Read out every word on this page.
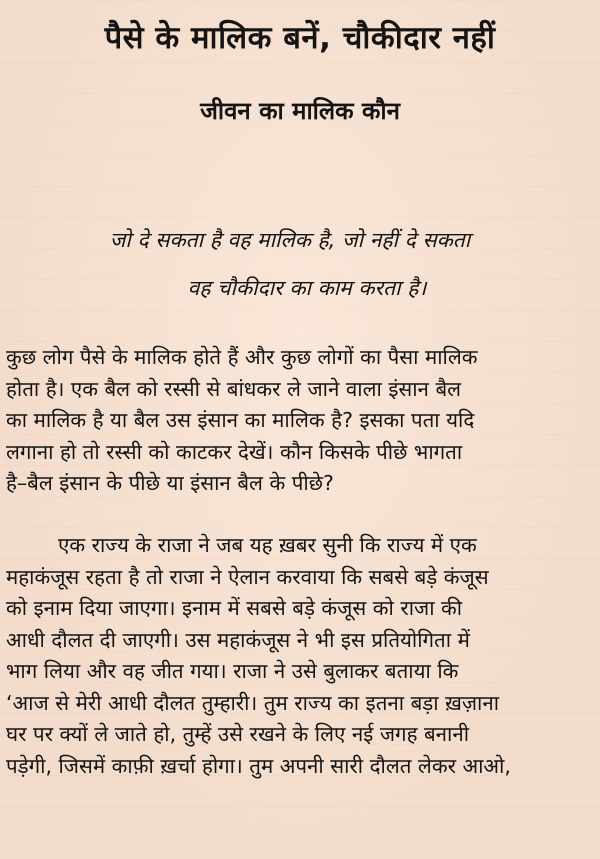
पैसे के मालिक बनें, चौकीदार नहीं
जीवन का मालिक कौन
जो दे सकता है वह मालिक है, जो नहीं दे सकता
वह चौकीदार का काम करता है।
कुछ लोग पैसे के मालिक होते हैं और कुछ लोगों का पैसा मालिक
होता है। एक बैल को रस्सी से बांधकर ले जाने वाला इंसान बैल
का मालिक है या बैल उस इंसान का मालिक है? इसका पता यदि
लगाना हो तो रस्सी को काटकर देखें। कौन किसके पीछे भागता
है–बैल इंसान के पीछे या इंसान बैल के पीछे?
एक राज्य के राजा ने जब यह ख़बर सुनी कि राज्य में एक
महाकंजूस रहता है तो राजा ने ऐलान करवाया कि सबसे बड़े कंजूस
को इनाम दिया जाएगा। इनाम में सबसे बड़े कंजूस को राजा की
आधी दौलत दी जाएगी। उस महाकंजूस ने भी इस प्रतियोगिता में
भाग लिया और वह जीत गया। राजा ने उसे बुलाकर बताया कि
‘आज से मेरी आधी दौलत तुम्हारी। तुम राज्य का इतना बड़ा ख़ज़ाना
घर पर क्यों ले जाते हो, तुम्हें उसे रखने के लिए नई जगह बनानी
पड़ेगी, जिसमें काफ़ी ख़र्चा होगा। तुम अपनी सारी दौलत लेकर आओ,
